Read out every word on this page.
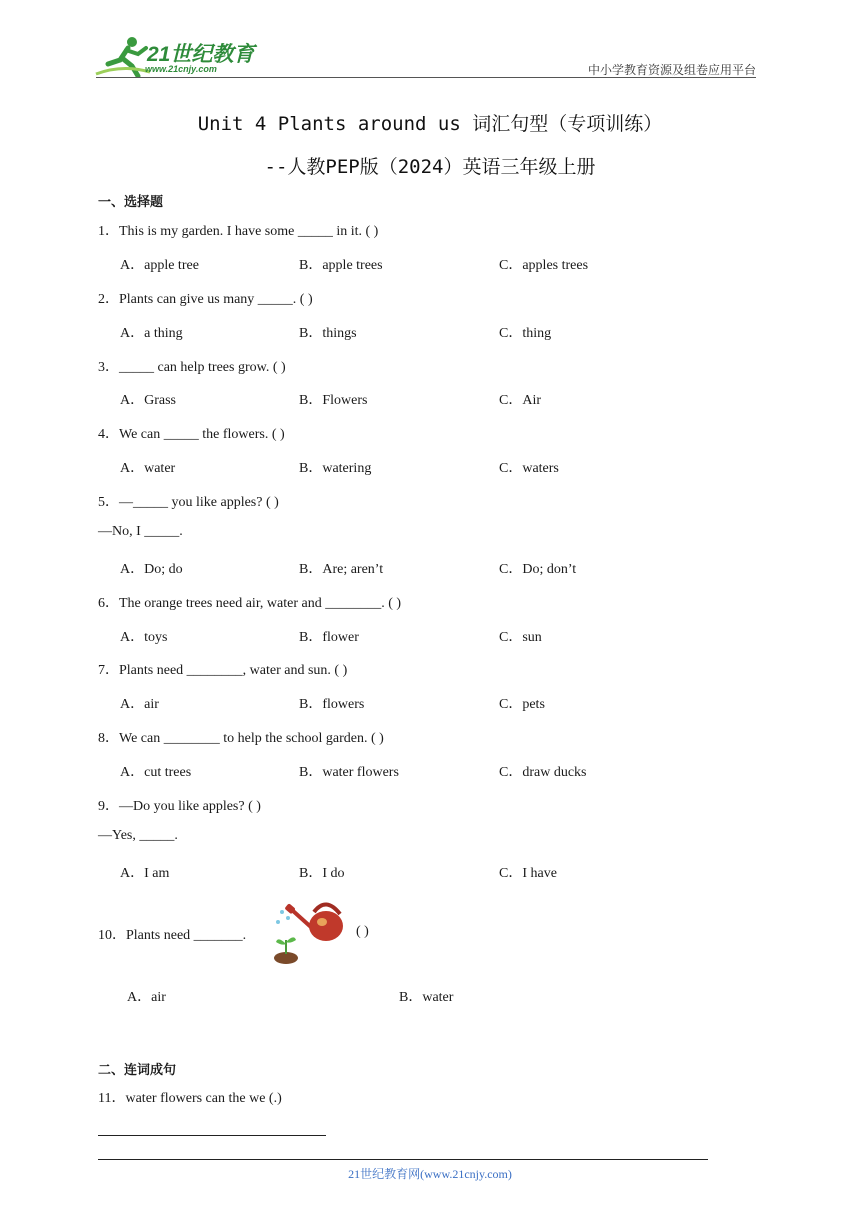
21世纪教育
www.21cnjy.com	中小学教育资源及组卷应用平台
Unit 4 Plants around us 词汇句型（专项训练）
--人教PEP版（2024）英语三年级上册
一、选择题
1．This is my garden. I have some _____ in it. ( )
A．apple tree	B．apple trees	C．apples trees
2．Plants can give us many _____. ( )
A．a thing	B．things	C．thing
3．_____ can help trees grow. ( )
A．Grass	B．Flowers	C．Air
4．We can _____ the flowers. ( )
A．water	B．watering	C．waters
5．—_____ you like apples? ( )
—No, I _____.
A．Do; do	B．Are; aren’t	C．Do; don’t
6．The orange trees need air, water and ________. ( )
A．toys	B．flower	C．sun
7．Plants need ________, water and sun. ( )
A．air	B．flowers	C．pets
8．We can ________ to help the school garden. ( )
A．cut trees	B．water flowers	C．draw ducks
9．—Do you like apples? ( )
—Yes, _____.
A．I am	B．I do	C．I have
10．Plants need _______.	( )
A．air	B．water
二、连词成句
11．water flowers can the we (.)
21世纪教育网(www.21cnjy.com)
